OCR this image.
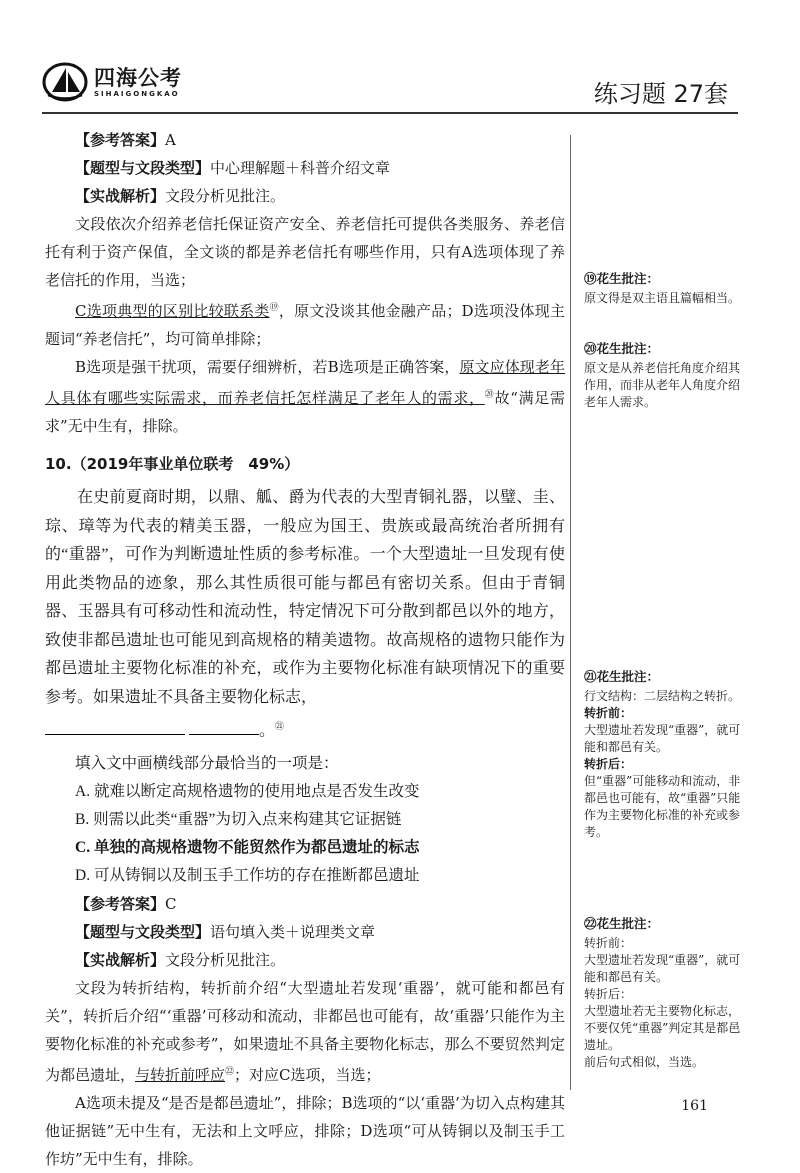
四海公考
SIHAIGONGKAO	练习题 27套

【参考答案】A

【题型与文段类型】中心理解题＋科普介绍文章

【实战解析】文段分析见批注。

文段依次介绍养老信托保证资产安全、养老信托可提供各类服务、养老信托有利于资产保值，全文谈的都是养老信托有哪些作用，只有A选项体现了养老信托的作用，当选；

C选项典型的区别比较联系类⑲，原文没谈其他金融产品；D选项没体现主题词“养老信托”，均可简单排除；

B选项是强干扰项，需要仔细辨析，若B选项是正确答案，原文应体现老年人具体有哪些实际需求，而养老信托怎样满足了老年人的需求，⑳故“满足需求”无中生有，排除。

10.（2019年事业单位联考　49%）

在史前夏商时期，以鼎、觚、爵为代表的大型青铜礼器，以璧、圭、琮、璋等为代表的精美玉器，一般应为国王、贵族或最高统治者所拥有的“重器”，可作为判断遗址性质的参考标准。一个大型遗址一旦发现有使用此类物品的迹象，那么其性质很可能与都邑有密切关系。但由于青铜器、玉器具有可移动性和流动性，特定情况下可分散到都邑以外的地方，致使非都邑遗址也可能见到高规格的精美遗物。故高规格的遗物只能作为都邑遗址主要物化标准的补充，或作为主要物化标准有缺项情况下的重要参考。如果遗址不具备主要物化标志，
。$^㉑$

填入文中画横线部分最恰当的一项是：

A. 就难以断定高规格遗物的使用地点是否发生改变

B. 则需以此类“重器”为切入点来构建其它证据链

C. 单独的高规格遗物不能贸然作为都邑遗址的标志

D. 可从铸铜以及制玉手工作坊的存在推断都邑遗址

【参考答案】C

【题型与文段类型】语句填入类＋说理类文章

【实战解析】文段分析见批注。

文段为转折结构，转折前介绍“大型遗址若发现‘重器’，就可能和都邑有关”，转折后介绍“‘重器’可移动和流动，非都邑也可能有，故‘重器’只能作为主要物化标准的补充或参考”，如果遗址不具备主要物化标志，那么不要贸然判定为都邑遗址，与转折前呼应$^㉒$；对应C选项，当选；

A选项未提及“是否是都邑遗址”，排除；B选项的“以‘重器’为切入点构建其他证据链”无中生有，无法和上文呼应，排除；D选项“可从铸铜以及制玉手工作坊”无中生有，排除。

⑲花生批注：
原文得是双主语且篇幅相当。
⑳花生批注：
原文是从养老信托角度介绍其作用，而非从老年人角度介绍老年人需求。
㉑花生批注：
行文结构：二层结构之转折。
转折前：
大型遗址若发现“重器”，就可能和都邑有关。
转折后：
但“重器”可能移动和流动，非都邑也可能有，故“重器”只能作为主要物化标准的补充或参考。
㉒花生批注：
转折前：
大型遗址若发现“重器”，就可能和都邑有关。
转折后：
大型遗址若无主要物化标志，不要仅凭“重器”判定其是都邑遗址。
前后句式相似，当选。
161
